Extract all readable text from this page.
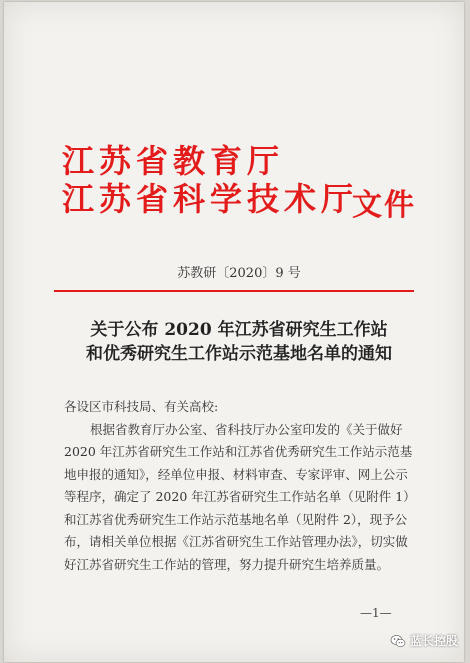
江苏省教育厅
江苏省科学技术厅
文件
苏教研〔2020〕9 号
关于公布 2020 年江苏省研究生工作站
和优秀研究生工作站示范基地名单的通知
各设区市科技局、有关高校:
根据省教育厅办公室、省科技厅办公室印发的《关于做好
2020 年江苏省研究生工作站和江苏省优秀研究生工作站示范基
地申报的通知》，经单位申报、材料审查、专家评审、网上公示
等程序，确定了 2020 年江苏省研究生工作站名单（见附件 1）
和江苏省优秀研究生工作站示范基地名单（见附件 2），现予公
布，请相关单位根据《江苏省研究生工作站管理办法》，切实做
好江苏省研究生工作站的管理，努力提升研究生培养质量。
—1—
蓝长控股
